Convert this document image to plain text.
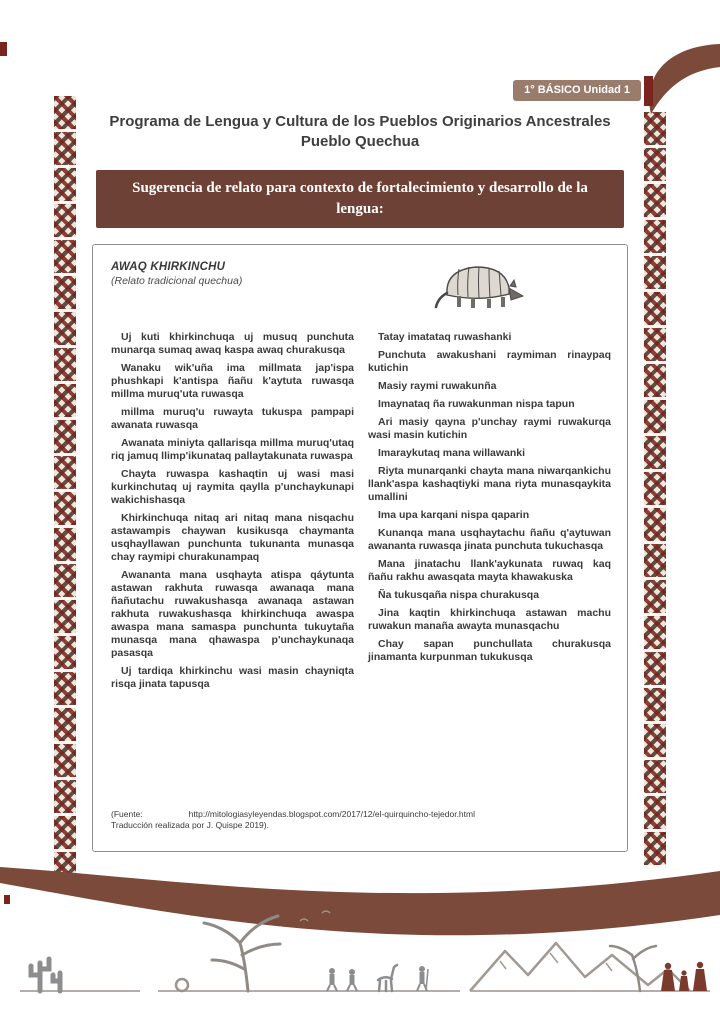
1° BÁSICO Unidad 1
Programa de Lengua y Cultura de los Pueblos Originarios Ancestrales
Pueblo Quechua
Sugerencia de relato para contexto de fortalecimiento y desarrollo de la lengua:
AWAQ KHIRKINCHU
(Relato tradicional quechua)

Uj kuti khirkinchuqa uj musuq punchuta munarqa sumaq awaq kaspa awaq churakusqa

Wanaku wik'uña ima millmata jap'ispa phushkapi k'antispa ñañu k'aytuta ruwasqa millma muruq'uta ruwasqa

millma muruq'u ruwayta tukuspa pampapi awanata ruwasqa

Awanata miniyta qallarisqa millma muruq'utaq riq jamuq llimp'ikunataq pallaytakunata ruwaspa

Chayta ruwaspa kashaqtin uj wasi masi kurkinchutaq uj raymita qaylla p'unchaykunapi wakichishasqa

Khirkinchuqa nitaq ari nitaq mana nisqachu astawampis chaywan kusikusqa chaymanta usqhayllawan punchunta tukunanta munasqa chay raymipi churakunampaq

Awananta mana usqhayta atispa qáytunta astawan rakhuta ruwasqa awanaqa mana ñañutachu ruwakushasqa awanaqa astawan rakhuta ruwakushasqa khirkinchuqa awaspa awaspa mana samaspa punchunta tukuytaña munasqa mana qhawaspa p'unchaykunaqa pasasqa

Uj tardiqa khirkinchu wasi masin chayniqta risqa jinata tapusqa

Tatay imatataq ruwashanki

Punchuta awakushani raymiman rinaypaq kutichin

Masiy raymi ruwakunña

Imaynataq ña ruwakunman nispa tapun

Ari masiy qayna p'unchay raymi ruwakurqa wasi masin kutichin

Imaraykutaq mana willawanki

Riyta munarqanki chayta mana niwarqankichu llank'aspa kashaqtiyki mana riyta munasqaykita umallini

Ima upa karqani nispa qaparin

Kunanqa mana usqhaytachu ñañu q'aytuwan awananta ruwasqa jinata punchuta tukuchasqa

Mana jinatachu llank'aykunata ruwaq kaq ñañu rakhu awasqata mayta khawakuska

Ña tukusqaña nispa churakusqa

Jina kaqtin khirkinchuqa astawan machu ruwakun manaña awayta munasqachu

Chay sapan punchullata churakusqa jinamanta kurpunman tukukusqa

(Fuente:	http://mitologiasyleyendas.blogspot.com/2017/12/el-quirquincho-tejedor.html
Traducción realizada por J. Quispe 2019).
